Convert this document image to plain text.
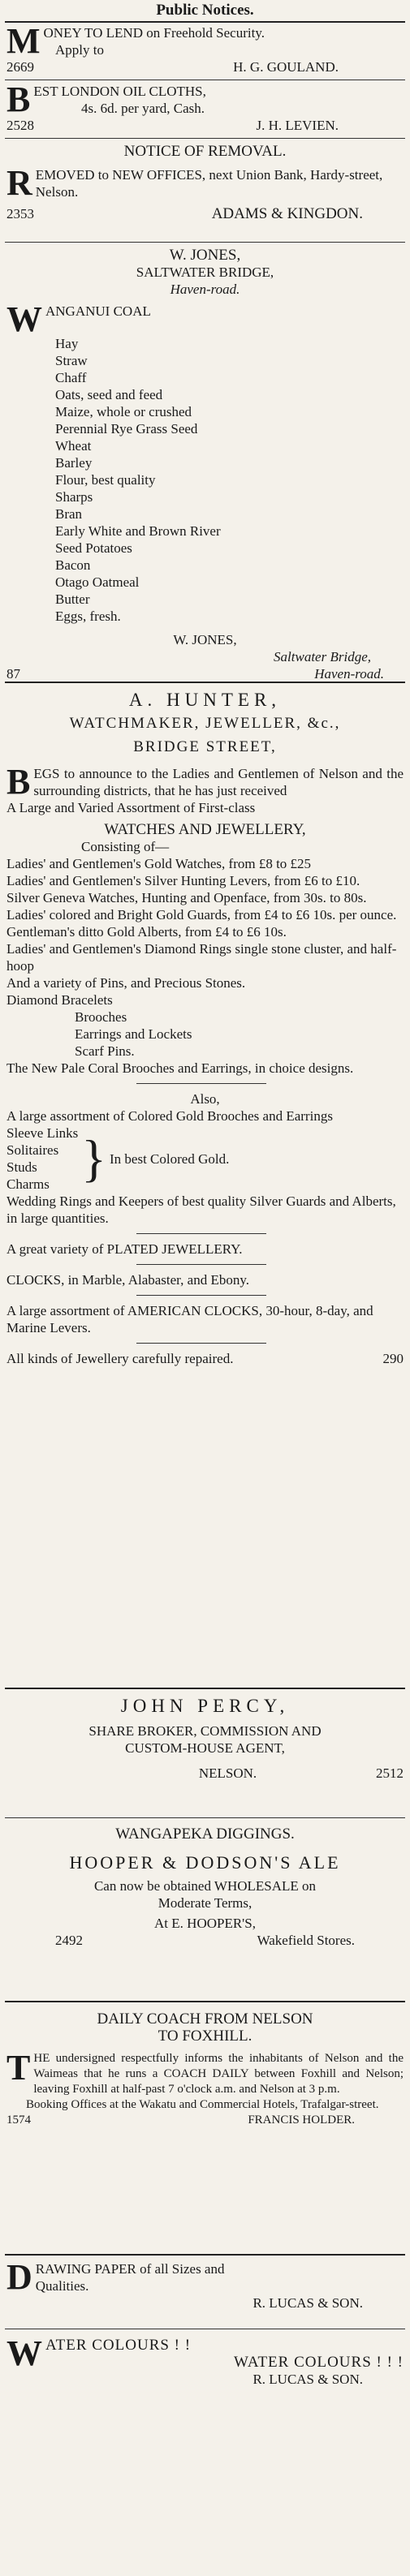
Public Notices.
M ONEY TO LEND on Freehold Security.
Apply to
2669	H. G. GOULAND.
B EST LONDON OIL CLOTHS,
4s. 6d. per yard, Cash.
2528	J. H. LEVIEN.
NOTICE OF REMOVAL.
R EMOVED to NEW OFFICES, next Union Bank, Hardy-street, Nelson.
2353	ADAMS & KINGDON.
W. JONES,
SALTWATER BRIDGE,
Haven-road.
W ANGANUI COAL
Hay
Straw
Chaff
Oats, seed and feed
Maize, whole or crushed
Perennial Rye Grass Seed
Wheat
Barley
Flour, best quality
Sharps
Bran
Early White and Brown River
Seed Potatoes
Bacon
Otago Oatmeal
Butter
Eggs, fresh.
W. JONES,
Saltwater Bridge,
87	Haven-road.
A. HUNTER,
WATCHMAKER, JEWELLER, &c.,
BRIDGE STREET,
B EGS to announce to the Ladies and Gentlemen of Nelson and the surrounding districts, that he has just received
A Large and Varied Assortment of First-class
WATCHES AND JEWELLERY,
Consisting of—
Ladies' and Gentlemen's Gold Watches, from £8 to £25
Ladies' and Gentlemen's Silver Hunting Levers, from £6 to £10.
Silver Geneva Watches, Hunting and Openface, from 30s. to 80s.
Ladies' colored and Bright Gold Guards, from £4 to £6 10s. per ounce.
Gentleman's ditto Gold Alberts, from £4 to £6 10s.
Ladies' and Gentlemen's Diamond Rings single stone cluster, and half-hoop
And a variety of Pins, and Precious Stones.
Diamond Bracelets
Brooches
Earrings and Lockets
Scarf Pins.
The New Pale Coral Brooches and Earrings, in choice designs.
Also,
A large assortment of Colored Gold Brooches and Earrings
Sleeve Links
Solitaires
Studs
Charms } In best Colored Gold.
Wedding Rings and Keepers of best quality Silver Guards and Alberts, in large quantities.
A great variety of PLATED JEWELLERY.
CLOCKS, in Marble, Alabaster, and Ebony.
A large assortment of AMERICAN CLOCKS, 30-hour, 8-day, and Marine Levers.
All kinds of Jewellery carefully repaired.	290
JOHN PERCY,
SHARE BROKER, COMMISSION AND
CUSTOM-HOUSE AGENT,
NELSON.	2512
WANGAPEKA DIGGINGS.
HOOPER & DODSON'S ALE
Can now be obtained WHOLESALE on
Moderate Terms,
At E. HOOPER'S,
2492	Wakefield Stores.
DAILY COACH FROM NELSON
TO FOXHILL.
T HE undersigned respectfully informs the inhabitants of Nelson and the Waimeas that he runs a COACH DAILY between Foxhill and Nelson; leaving Foxhill at half-past 7 o'clock a.m. and Nelson at 3 p.m.
Booking Offices at the Wakatu and Commercial Hotels, Trafalgar-street.
1574	FRANCIS HOLDER.
D RAWING PAPER of all Sizes and
Qualities.
R. LUCAS & SON.
W ATER COLOURS ! !
WATER COLOURS ! ! !
R. LUCAS & SON.
